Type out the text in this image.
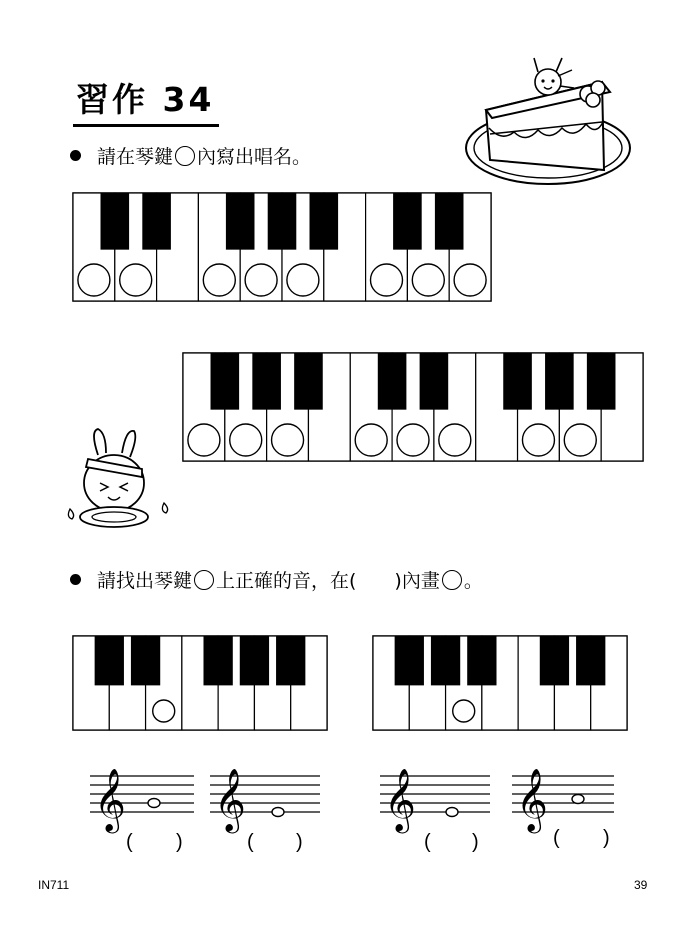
習作 34
請在琴鍵 內寫出唱名。
請找出琴鍵 上正確的音，在(　　)內畫 。
𝄞 𝄞	𝄞 𝄞
( )	( )	( )	( )
IN711	39
